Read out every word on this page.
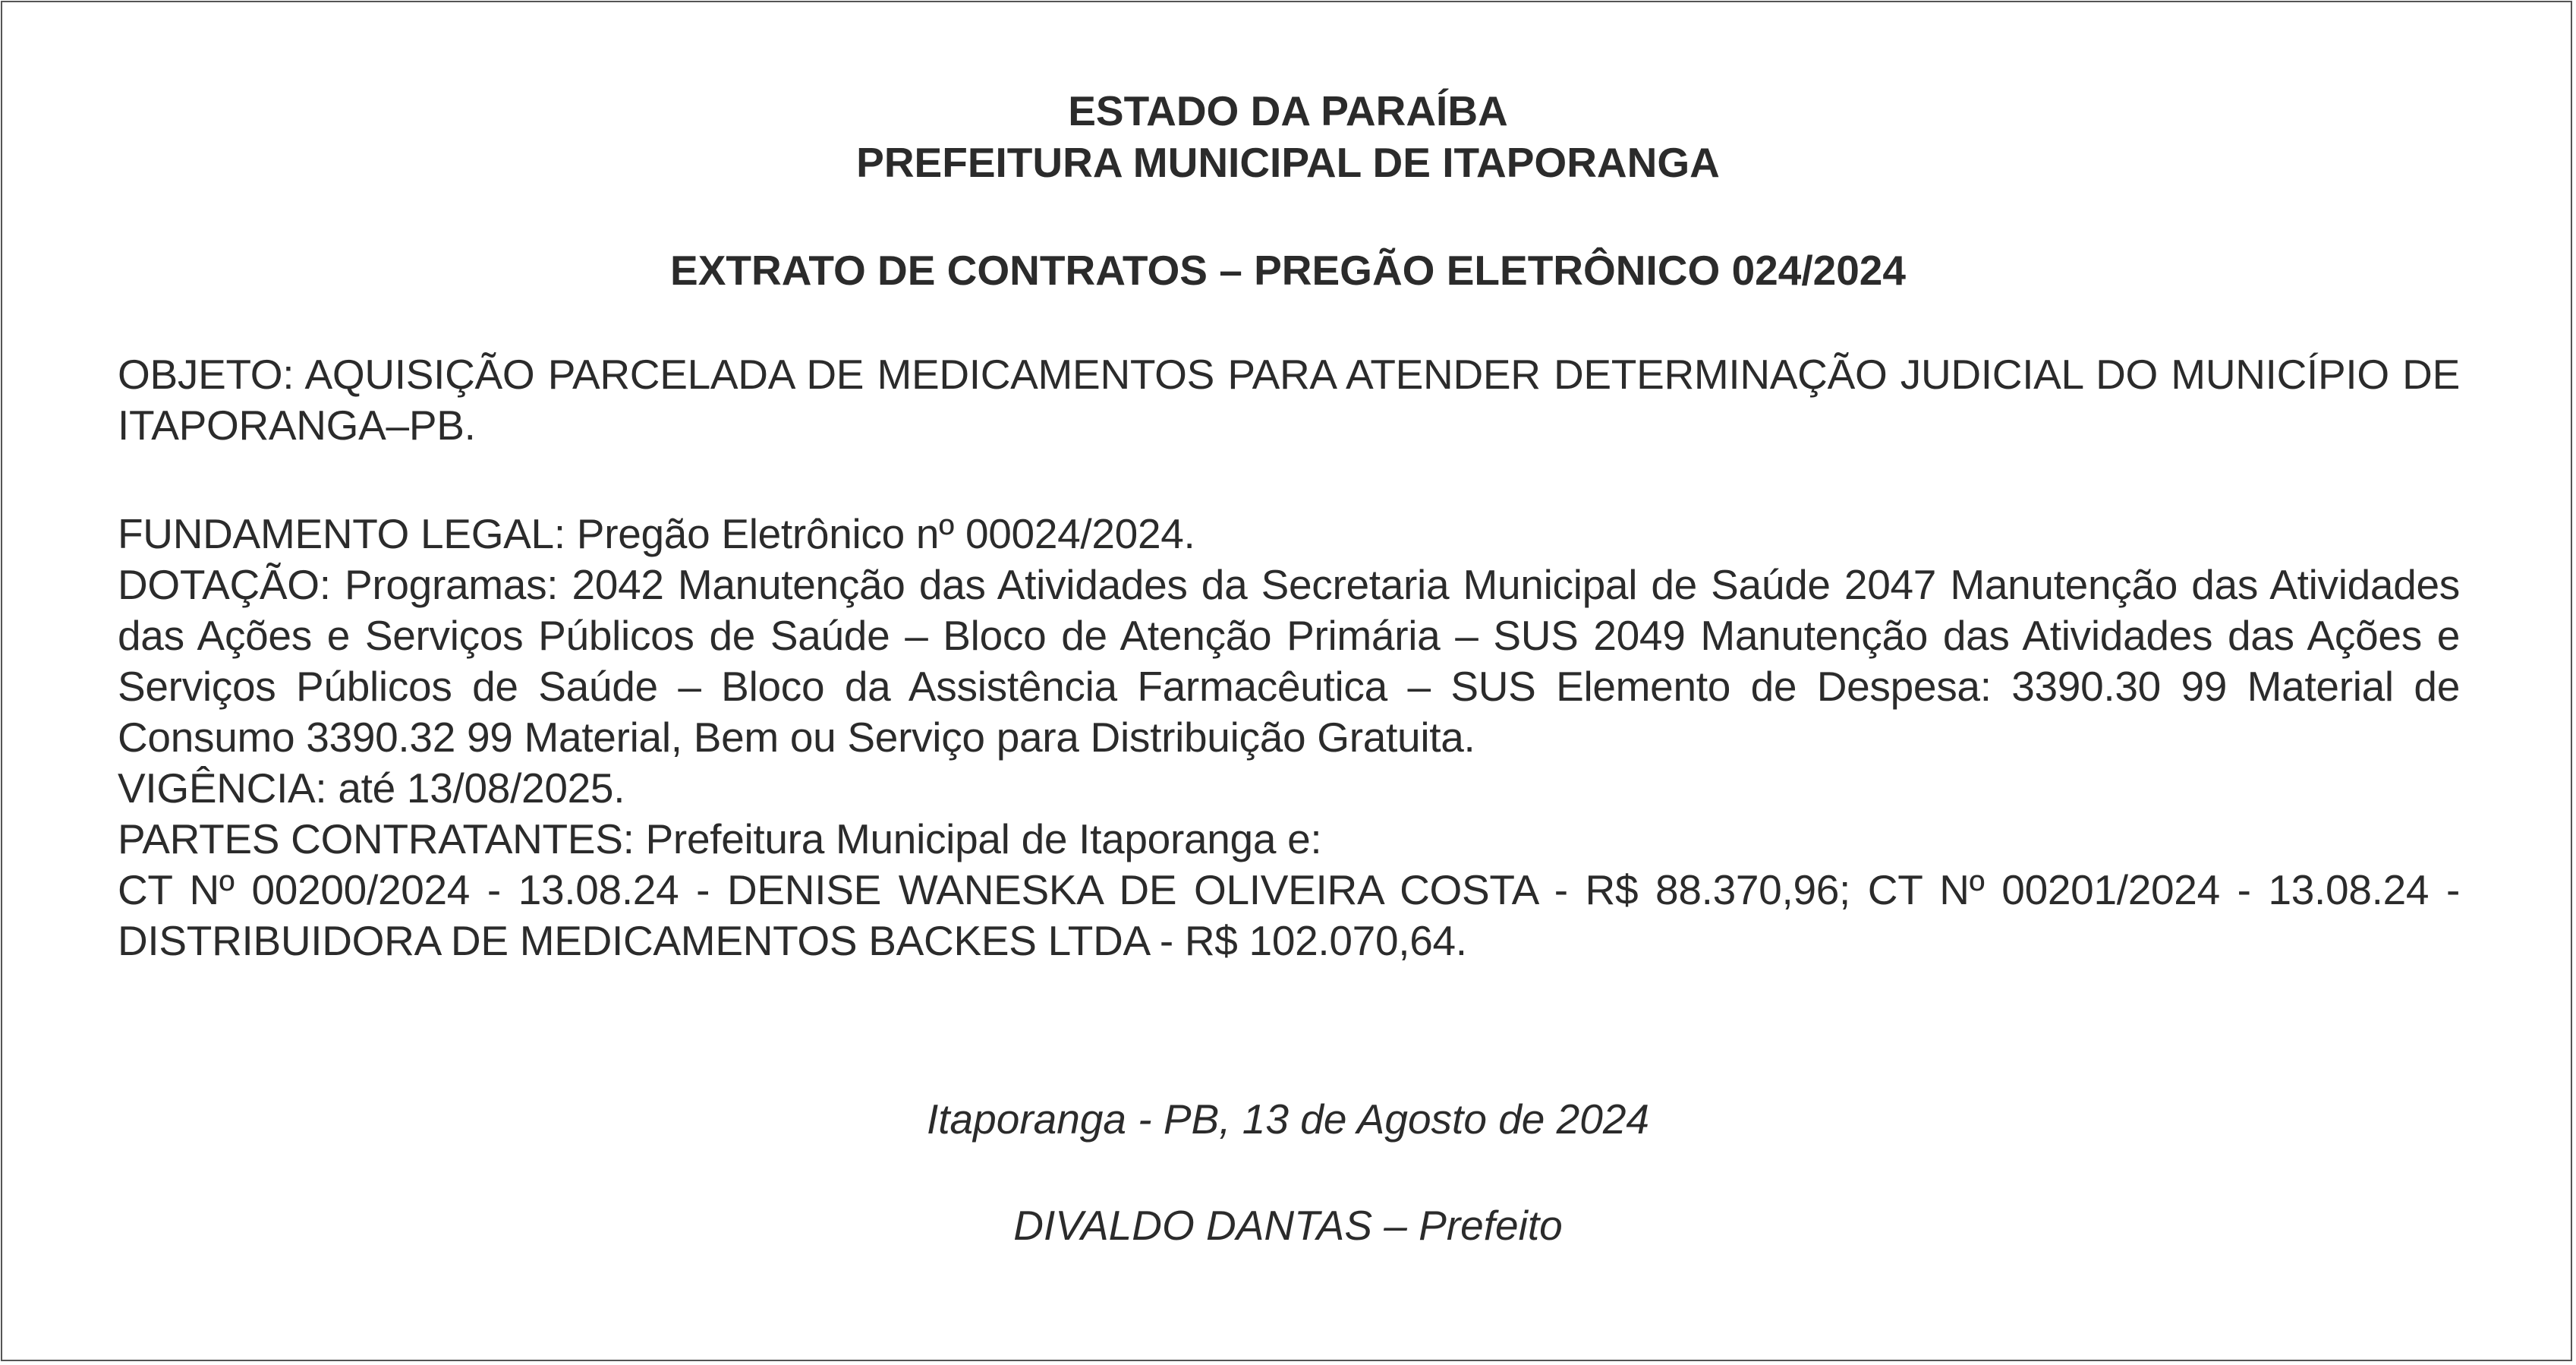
ESTADO DA PARAÍBA
PREFEITURA MUNICIPAL DE ITAPORANGA
EXTRATO DE CONTRATOS – PREGÃO ELETRÔNICO 024/2024

OBJETO: AQUISIÇÃO PARCELADA DE MEDICAMENTOS PARA ATENDER DETERMINAÇÃO JUDICIAL DO MUNICÍPIO DE ITAPORANGA–PB.

FUNDAMENTO LEGAL: Pregão Eletrônico nº 00024/2024.

DOTAÇÃO: Programas: 2042 Manutenção das Atividades da Secretaria Municipal de Saúde 2047 Manutenção das Atividades das Ações e Serviços Públicos de Saúde – Bloco de Atenção Primária – SUS 2049 Manutenção das Atividades das Ações e Serviços Públicos de Saúde – Bloco da Assistência Farmacêutica – SUS Elemento de Despesa: 3390.30 99 Material de Consumo 3390.32 99 Material, Bem ou Serviço para Distribuição Gratuita.

VIGÊNCIA: até 13/08/2025.

PARTES CONTRATANTES: Prefeitura Municipal de Itaporanga e:

CT Nº 00200/2024 - 13.08.24 - DENISE WANESKA DE OLIVEIRA COSTA - R$ 88.370,96; CT Nº 00201/2024 - 13.08.24 - DISTRIBUIDORA DE MEDICAMENTOS BACKES LTDA - R$ 102.070,64.

Itaporanga - PB, 13 de Agosto de 2024
DIVALDO DANTAS – Prefeito
